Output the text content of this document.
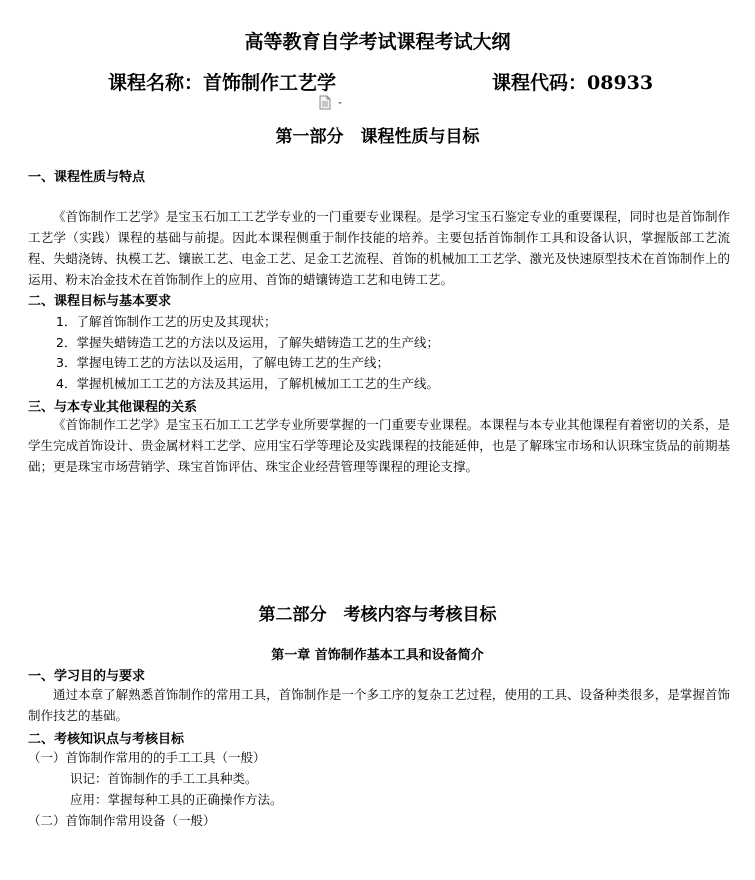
高等教育自学考试课程考试大纲
课程名称：首饰制作工艺学	课程代码：08933
第一部分　课程性质与目标
一、课程性质与特点
《首饰制作工艺学》是宝玉石加工工艺学专业的一门重要专业课程。是学习宝玉石鉴定专业的重要课程，同时也是首饰制作工艺学（实践）课程的基础与前提。因此本课程侧重于制作技能的培养。主要包括首饰制作工具和设备认识，掌握版部工艺流程、失蜡浇铸、执模工艺、镶嵌工艺、电金工艺、足金工艺流程、首饰的机械加工工艺学、激光及快速原型技术在首饰制作上的运用、粉末冶金技术在首饰制作上的应用、首饰的蜡镶铸造工艺和电铸工艺。
二、课程目标与基本要求
1．了解首饰制作工艺的历史及其现状；
2．掌握失蜡铸造工艺的方法以及运用，了解失蜡铸造工艺的生产线；
3．掌握电铸工艺的方法以及运用，了解电铸工艺的生产线；
4．掌握机械加工工艺的方法及其运用，了解机械加工工艺的生产线。
三、与本专业其他课程的关系
《首饰制作工艺学》是宝玉石加工工艺学专业所要掌握的一门重要专业课程。本课程与本专业其他课程有着密切的关系，是学生完成首饰设计、贵金属材料工艺学、应用宝石学等理论及实践课程的技能延伸，也是了解珠宝市场和认识珠宝货品的前期基础；更是珠宝市场营销学、珠宝首饰评估、珠宝企业经营管理等课程的理论支撑。
第二部分　考核内容与考核目标
第一章 首饰制作基本工具和设备简介
一、学习目的与要求
通过本章了解熟悉首饰制作的常用工具，首饰制作是一个多工序的复杂工艺过程，使用的工具、设备种类很多，是掌握首饰制作技艺的基础。
二、考核知识点与考核目标
（一）首饰制作常用的的手工工具（一般）
识记：首饰制作的手工工具种类。
应用：掌握每种工具的正确操作方法。
（二）首饰制作常用设备（一般）
